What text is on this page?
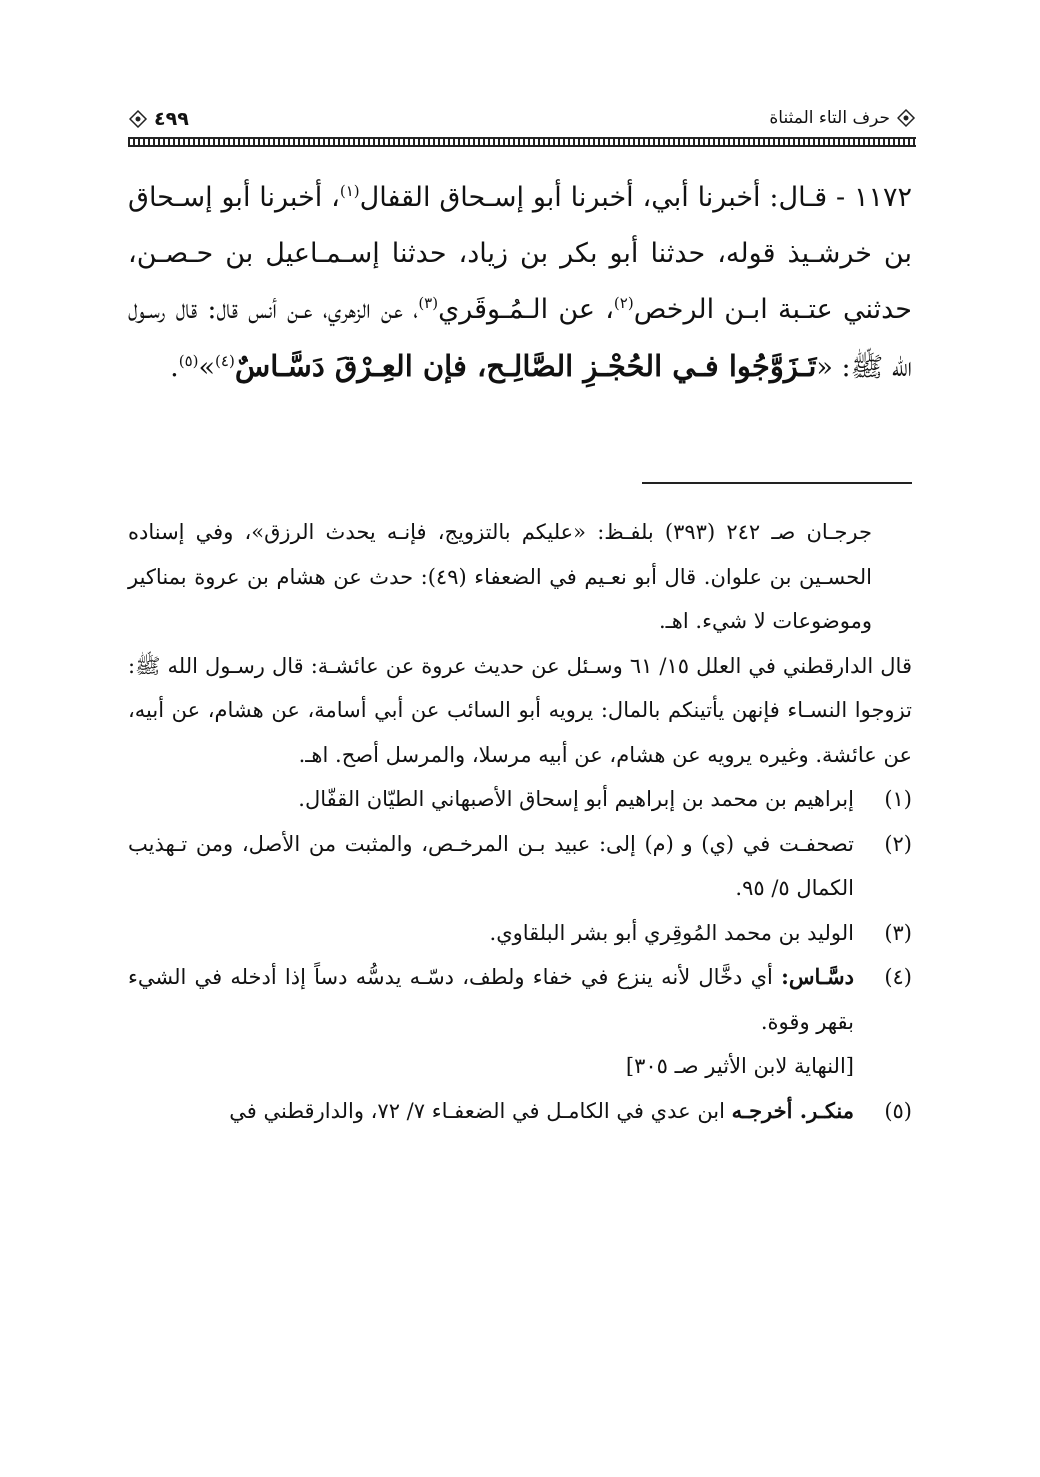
حرف التاء المثناة
٤٩٩

١١٧٢ - قـال: أخبرنا أبي، أخبرنا أبو إسـحاق القفال$^{(١)}$، أخبرنا أبو إسـحاق بن خرشـيذ قوله، حدثنا أبو بكر بن زياد، حدثنا إسـمـاعيل بن حـصـن، حدثني عتـبة ابـن الرخص$^{(٢)}$، عن الـمُـوقَري$^{(٣)}$، عن الزهري، عـن أنس قال: قال رسـول الله ﷺ: «تَـزَوَّجُوا فـي الحُجْـزِ الصَّالِـح، فإن العِـرْقَ دَسَّـاسٌ$^{(٤)}$»$^{(٥)}$.

جرجـان صـ ٢٤٢ (٣٩٣) بلفـظ: «عليكم بالتزويج، فإنـه يحدث الرزق»، وفي إسناده الحسـين بن علوان. قال أبو نعـيم في الضعفاء (٤٩): حدث عن هشام بن عروة بمناكير وموضوعات لا شيء. اهـ.

قال الدارقطني في العلل ١٥/ ٦١ وسـئل عن حديث عروة عن عائشـة: قال رسـول الله ﷺ: تزوجوا النسـاء فإنهن يأتينكم بالمال: يرويه أبو السائب عن أبي أسامة، عن هشام، عن أبيه، عن عائشة. وغيره يرويه عن هشام، عن أبيه مرسلا، والمرسل أصح. اهـ.

(١)
إبراهيم بن محمد بن إبراهيم أبو إسحاق الأصبهاني الطيّان القفّال.
(٢)
تصحفـت في (ي) و (م) إلى: عبيد بـن المرخـص، والمثبت من الأصل، ومن تـهذيب الكمال ٥/ ٩٥.
(٣)
الوليد بن محمد المُوقِري أبو بشر البلقاوي.
(٤)
دسَّـاس: أي دخَّال لأنه ينزع في خفاء ولطف، دسّـه يدسُّه دساً إذا أدخله في الشيء بقهر وقوة.
[النهاية لابن الأثير صـ ٣٠٥]
(٥)
منكـر. أخرجـه ابن عدي في الكامـل في الضعفـاء ٧/ ٧٢، والدارقطني في
